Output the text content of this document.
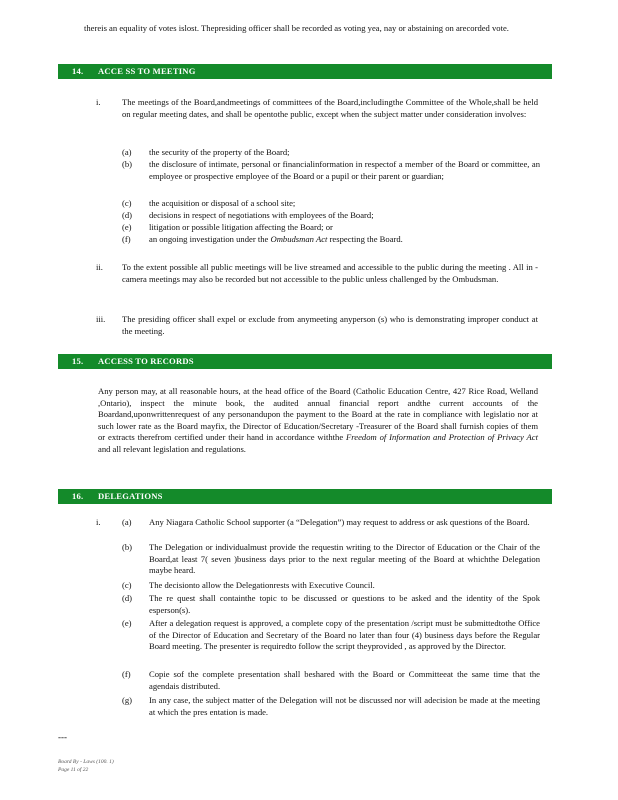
thereis an equality of votes islost. Thepresiding officer shall be recorded as voting yea, nay or abstaining on arecorded vote.

14. ACCE SS TO MEETING
i. The meetings of the Board,andmeetings of committees of the Board,includingthe Committee of the Whole,shall be held on regular meeting dates, and shall be opentothe public, except when the subject matter under consideration involves:

(a) the security of the property of the Board;

(b) the disclosure of intimate, personal or financialinformation in respectof a member of the Board or committee, an employee or prospective employee of the Board or a pupil or their parent or guardian;

(c) the acquisition or disposal of a school site;

(d) decisions in respect of negotiations with employees of the Board;

(e) litigation or possible litigation affecting the Board; or

(f) an ongoing investigation under the Ombudsman Act respecting the Board.

ii. To the extent possible all public meetings will be live streamed and accessible to the public during the meeting . All in - camera meetings may also be recorded but not accessible to the public unless challenged by the Ombudsman.

iii. The presiding officer shall expel or exclude from anymeeting anyperson (s) who is demonstrating improper conduct at the meeting.

15. ACCESS TO RECORDS

Any person may, at all reasonable hours, at the head office of the Board (Catholic Education Centre, 427 Rice Road, Welland ,Ontario), inspect the minute book, the audited annual financial report andthe current accounts of the Boardand,uponwrittenrequest of any personandupon the payment to the Board at the rate in compliance with legislatio nor at such lower rate as the Board mayfix, the Director of Education/Secretary -Treasurer of the Board shall furnish copies of them or extracts therefrom certified under their hand in accordance withthe Freedom of Information and Protection of Privacy Act and all relevant legislation and regulations.

16. DELEGATIONS
i. (a) Any Niagara Catholic School supporter (a “Delegation”) may request to address or ask questions of the Board.

(b) The Delegation or individualmust provide the requestin writing to the Director of Education or the Chair of the Board,at least 7( seven )business days prior to the next regular meeting of the Board at whichthe Delegation maybe heard.

(c) The decisionto allow the Delegationrests with Executive Council.

(d) The re quest shall containthe topic to be discussed or questions to be asked and the identity of the Spok esperson(s).

(e) After a delegation request is approved, a complete copy of the presentation /script must be submittedtothe Office of the Director of Education and Secretary of the Board no later than four (4) business days before the Regular Board meeting. The presenter is requiredto follow the script theyprovided , as approved by the Director.

(f) Copie sof the complete presentation shall beshared with the Board or Committeeat the same time that the agendais distributed.

(g) In any case, the subject matter of the Delegation will not be discussed nor will adecision be made at the meeting at which the pres entation is made.

---
Board By - Laws (100. 1)
Page 11 of 22
